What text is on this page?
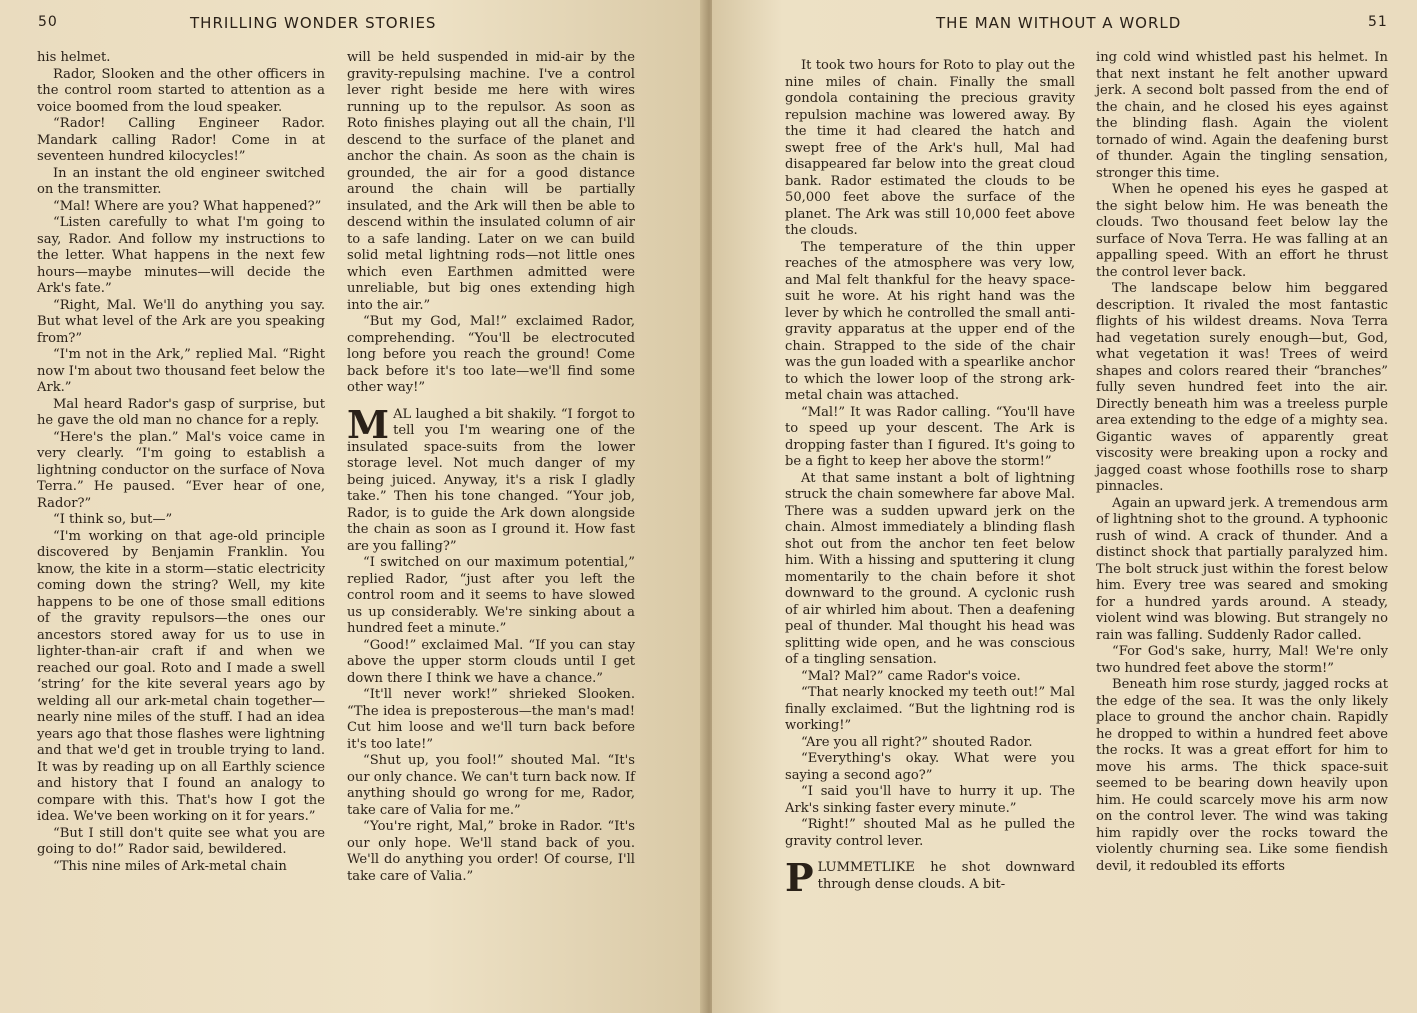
50	THRILLING WONDER STORIES

his helmet.

Rador, Slooken and the other officers in the control room started to attention as a voice boomed from the loud speaker.

“Rador! Calling Engineer Rador. Mandark calling Rador! Come in at seventeen hundred kilocycles!”

In an instant the old engineer switched on the transmitter.

“Mal! Where are you? What happened?”

“Listen carefully to what I'm going to say, Rador. And follow my instructions to the letter. What happens in the next few hours—maybe minutes—will decide the Ark's fate.”

“Right, Mal. We'll do anything you say. But what level of the Ark are you speaking from?”

“I'm not in the Ark,” replied Mal. “Right now I'm about two thousand feet below the Ark.”

Mal heard Rador's gasp of surprise, but he gave the old man no chance for a reply.

“Here's the plan.” Mal's voice came in very clearly. “I'm going to establish a lightning conductor on the surface of Nova Terra.” He paused. “Ever hear of one, Rador?”

“I think so, but—”

“I'm working on that age-old principle discovered by Benjamin Franklin. You know, the kite in a storm—static electricity coming down the string? Well, my kite happens to be one of those small editions of the gravity repulsors—the ones our ancestors stored away for us to use in lighter-than-air craft if and when we reached our goal. Roto and I made a swell ‘string’ for the kite several years ago by welding all our ark-metal chain together—nearly nine miles of the stuff. I had an idea years ago that those flashes were lightning and that we'd get in trouble trying to land. It was by reading up on all Earthly science and history that I found an analogy to compare with this. That's how I got the idea. We've been working on it for years.”

“But I still don't quite see what you are going to do!” Rador said, bewildered.

“This nine miles of Ark-metal chain

will be held suspended in mid-air by the gravity-repulsing machine. I've a control lever right beside me here with wires running up to the repulsor. As soon as Roto finishes playing out all the chain, I'll descend to the surface of the planet and anchor the chain. As soon as the chain is grounded, the air for a good distance around the chain will be partially insulated, and the Ark will then be able to descend within the insulated column of air to a safe landing. Later on we can build solid metal lightning rods—not little ones which even Earthmen admitted were unreliable, but big ones extending high into the air.”

“But my God, Mal!” exclaimed Rador, comprehending. “You'll be electrocuted long before you reach the ground! Come back before it's too late—we'll find some other way!”

MAL laughed a bit shakily. “I forgot to tell you I'm wearing one of the insulated space-suits from the lower storage level. Not much danger of my being juiced. Anyway, it's a risk I gladly take.” Then his tone changed. “Your job, Rador, is to guide the Ark down alongside the chain as soon as I ground it. How fast are you falling?”

“I switched on our maximum potential,” replied Rador, “just after you left the control room and it seems to have slowed us up considerably. We're sinking about a hundred feet a minute.”

“Good!” exclaimed Mal. “If you can stay above the upper storm clouds until I get down there I think we have a chance.”

“It'll never work!” shrieked Slooken. “The idea is preposterous—the man's mad! Cut him loose and we'll turn back before it's too late!”

“Shut up, you fool!” shouted Mal. “It's our only chance. We can't turn back now. If anything should go wrong for me, Rador, take care of Valia for me.”

“You're right, Mal,” broke in Rador. “It's our only hope. We'll stand back of you. We'll do anything you order! Of course, I'll take care of Valia.”

THE MAN WITHOUT A WORLD	51

It took two hours for Roto to play out the nine miles of chain. Finally the small gondola containing the precious gravity repulsion machine was lowered away. By the time it had cleared the hatch and swept free of the Ark's hull, Mal had disappeared far below into the great cloud bank. Rador estimated the clouds to be 50,000 feet above the surface of the planet. The Ark was still 10,000 feet above the clouds.

The temperature of the thin upper reaches of the atmosphere was very low, and Mal felt thankful for the heavy space-suit he wore. At his right hand was the lever by which he controlled the small anti-gravity apparatus at the upper end of the chain. Strapped to the side of the chair was the gun loaded with a spearlike anchor to which the lower loop of the strong ark-metal chain was attached.

“Mal!” It was Rador calling. “You'll have to speed up your descent. The Ark is dropping faster than I figured. It's going to be a fight to keep her above the storm!”

At that same instant a bolt of lightning struck the chain somewhere far above Mal. There was a sudden upward jerk on the chain. Almost immediately a blinding flash shot out from the anchor ten feet below him. With a hissing and sputtering it clung momentarily to the chain before it shot downward to the ground. A cyclonic rush of air whirled him about. Then a deafening peal of thunder. Mal thought his head was splitting wide open, and he was conscious of a tingling sensation.

“Mal? Mal?” came Rador's voice.

“That nearly knocked my teeth out!” Mal finally exclaimed. “But the lightning rod is working!”

“Are you all right?” shouted Rador.

“Everything's okay. What were you saying a second ago?”

“I said you'll have to hurry it up. The Ark's sinking faster every minute.”

“Right!” shouted Mal as he pulled the gravity control lever.

PLUMMETLIKE he shot downward through dense clouds. A bit-

ing cold wind whistled past his helmet. In that next instant he felt another upward jerk. A second bolt passed from the end of the chain, and he closed his eyes against the blinding flash. Again the violent tornado of wind. Again the deafening burst of thunder. Again the tingling sensation, stronger this time.

When he opened his eyes he gasped at the sight below him. He was beneath the clouds. Two thousand feet below lay the surface of Nova Terra. He was falling at an appalling speed. With an effort he thrust the control lever back.

The landscape below him beggared description. It rivaled the most fantastic flights of his wildest dreams. Nova Terra had vegetation surely enough—but, God, what vegetation it was! Trees of weird shapes and colors reared their “branches” fully seven hundred feet into the air. Directly beneath him was a treeless purple area extending to the edge of a mighty sea. Gigantic waves of apparently great viscosity were breaking upon a rocky and jagged coast whose foothills rose to sharp pinnacles.

Again an upward jerk. A tremendous arm of lightning shot to the ground. A typhoonic rush of wind. A crack of thunder. And a distinct shock that partially paralyzed him. The bolt struck just within the forest below him. Every tree was seared and smoking for a hundred yards around. A steady, violent wind was blowing. But strangely no rain was falling. Suddenly Rador called.

“For God's sake, hurry, Mal! We're only two hundred feet above the storm!”

Beneath him rose sturdy, jagged rocks at the edge of the sea. It was the only likely place to ground the anchor chain. Rapidly he dropped to within a hundred feet above the rocks. It was a great effort for him to move his arms. The thick space-suit seemed to be bearing down heavily upon him. He could scarcely move his arm now on the control lever. The wind was taking him rapidly over the rocks toward the violently churning sea. Like some fiendish devil, it redoubled its efforts
